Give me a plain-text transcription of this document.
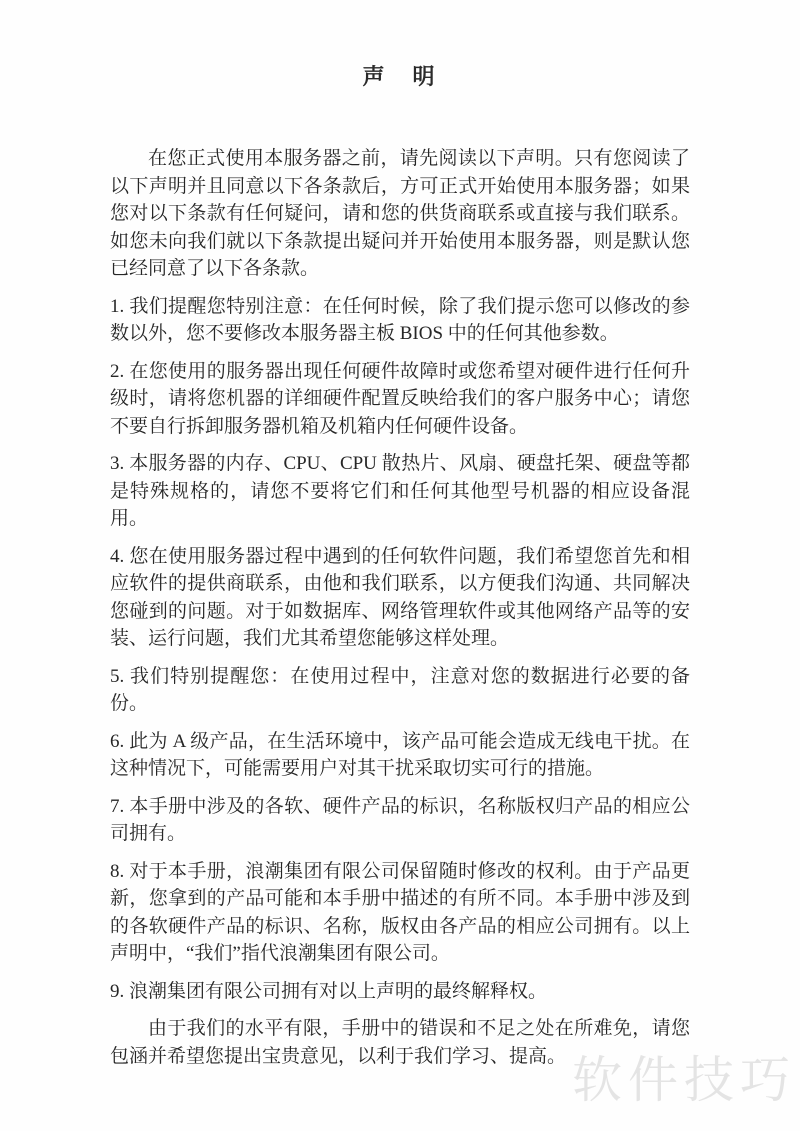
声　明

在您正式使用本服务器之前，请先阅读以下声明。只有您阅读了以下声明并且同意以下各条款后，方可正式开始使用本服务器；如果您对以下条款有任何疑问，请和您的供货商联系或直接与我们联系。如您未向我们就以下条款提出疑问并开始使用本服务器，则是默认您已经同意了以下各条款。

1. 我们提醒您特别注意：在任何时候，除了我们提示您可以修改的参数以外，您不要修改本服务器主板 BIOS 中的任何其他参数。

2. 在您使用的服务器出现任何硬件故障时或您希望对硬件进行任何升级时，请将您机器的详细硬件配置反映给我们的客户服务中心；请您不要自行拆卸服务器机箱及机箱内任何硬件设备。

3. 本服务器的内存、CPU、CPU 散热片、风扇、硬盘托架、硬盘等都是特殊规格的，请您不要将它们和任何其他型号机器的相应设备混用。

4. 您在使用服务器过程中遇到的任何软件问题，我们希望您首先和相应软件的提供商联系，由他和我们联系，以方便我们沟通、共同解决您碰到的问题。对于如数据库、网络管理软件或其他网络产品等的安装、运行问题，我们尤其希望您能够这样处理。

5. 我们特别提醒您：在使用过程中，注意对您的数据进行必要的备份。

6. 此为 A 级产品，在生活环境中，该产品可能会造成无线电干扰。在这种情况下，可能需要用户对其干扰采取切实可行的措施。

7. 本手册中涉及的各软、硬件产品的标识，名称版权归产品的相应公司拥有。

8. 对于本手册，浪潮集团有限公司保留随时修改的权利。由于产品更新，您拿到的产品可能和本手册中描述的有所不同。本手册中涉及到的各软硬件产品的标识、名称，版权由各产品的相应公司拥有。以上声明中，“我们”指代浪潮集团有限公司。

9. 浪潮集团有限公司拥有对以上声明的最终解释权。

由于我们的水平有限，手册中的错误和不足之处在所难免，请您包涵并希望您提出宝贵意见，以利于我们学习、提高。 软件技巧
